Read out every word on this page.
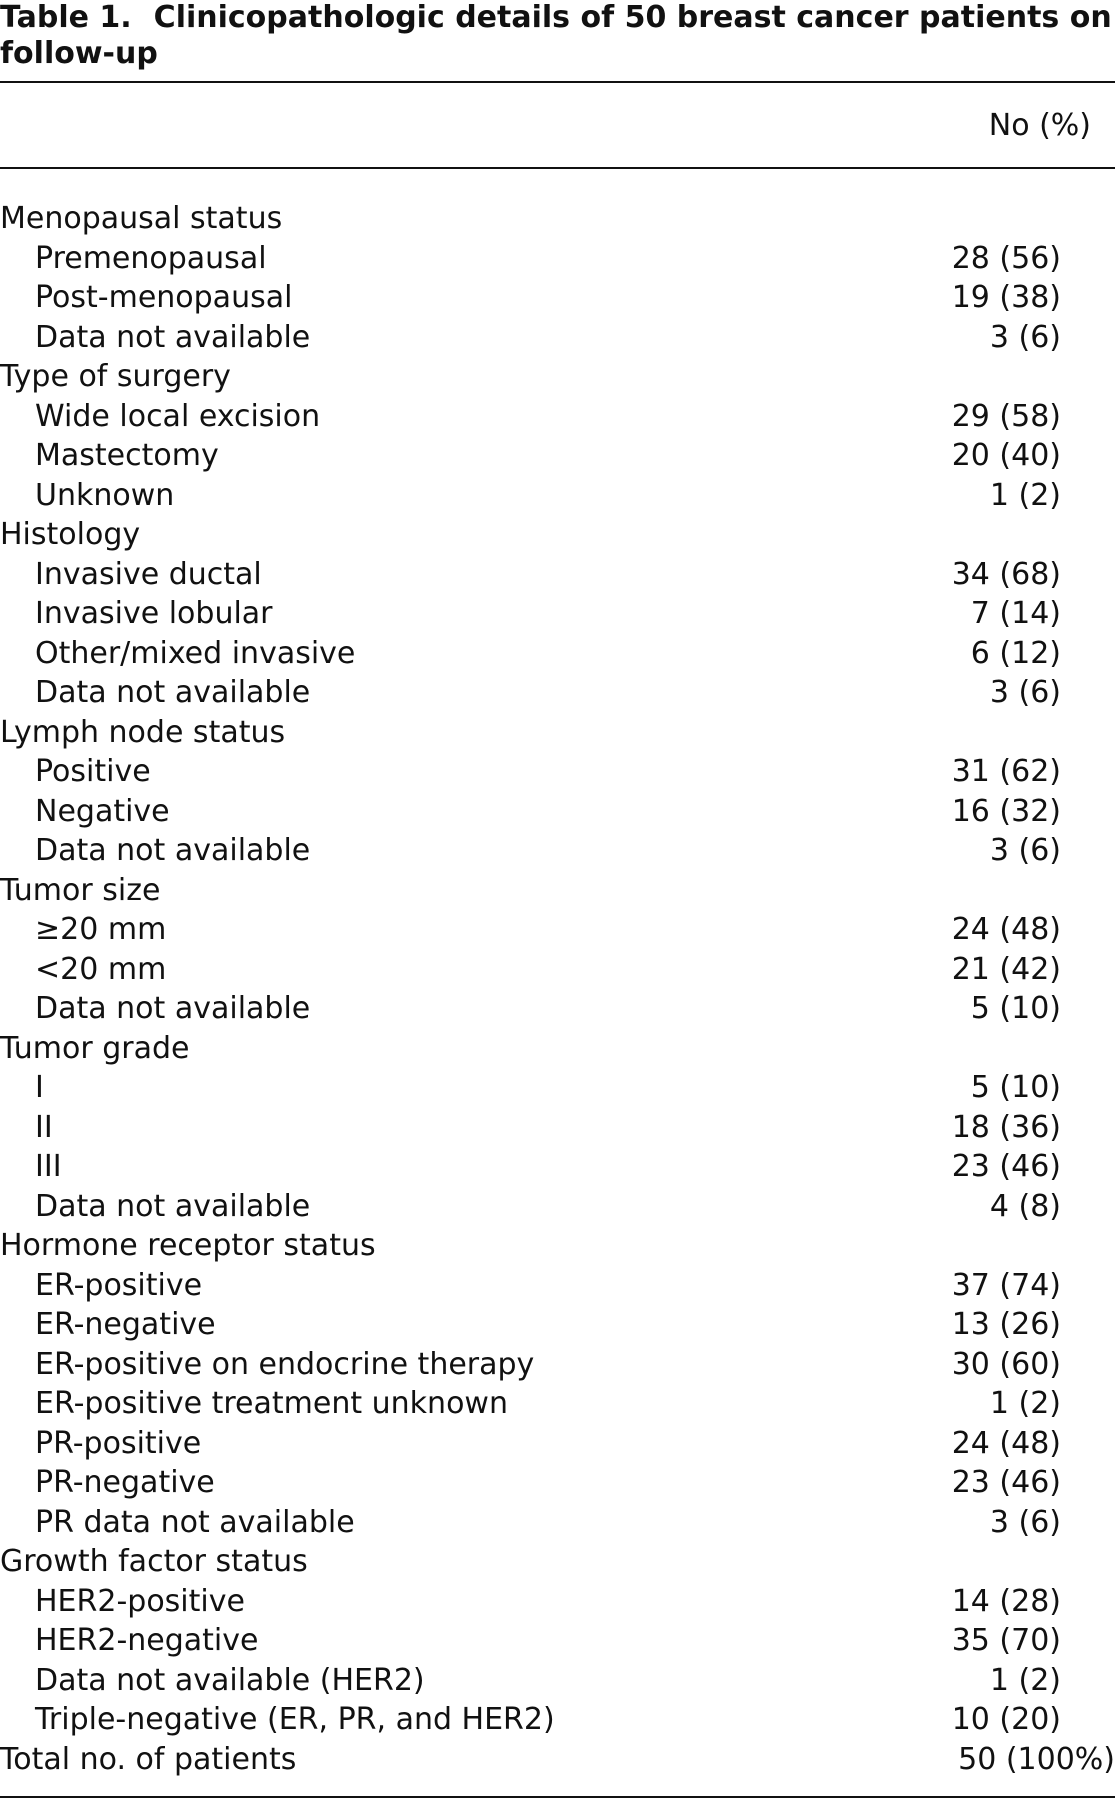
Table 1. Clinicopathologic details of 50 breast cancer patients on follow-up
No (%)
Menopausal status
Premenopausal	28 (56)
Post-menopausal	19 (38)
Data not available	3 (6)
Type of surgery
Wide local excision	29 (58)
Mastectomy	20 (40)
Unknown	1 (2)
Histology
Invasive ductal	34 (68)
Invasive lobular	7 (14)
Other/mixed invasive	6 (12)
Data not available	3 (6)
Lymph node status
Positive	31 (62)
Negative	16 (32)
Data not available	3 (6)
Tumor size
≥20 mm	24 (48)
<20 mm	21 (42)
Data not available	5 (10)
Tumor grade
I	5 (10)
II	18 (36)
III	23 (46)
Data not available	4 (8)
Hormone receptor status
ER-positive	37 (74)
ER-negative	13 (26)
ER-positive on endocrine therapy	30 (60)
ER-positive treatment unknown	1 (2)
PR-positive	24 (48)
PR-negative	23 (46)
PR data not available	3 (6)
Growth factor status
HER2-positive	14 (28)
HER2-negative	35 (70)
Data not available (HER2)	1 (2)
Triple-negative (ER, PR, and HER2)	10 (20)
Total no. of patients	50 (100%)
